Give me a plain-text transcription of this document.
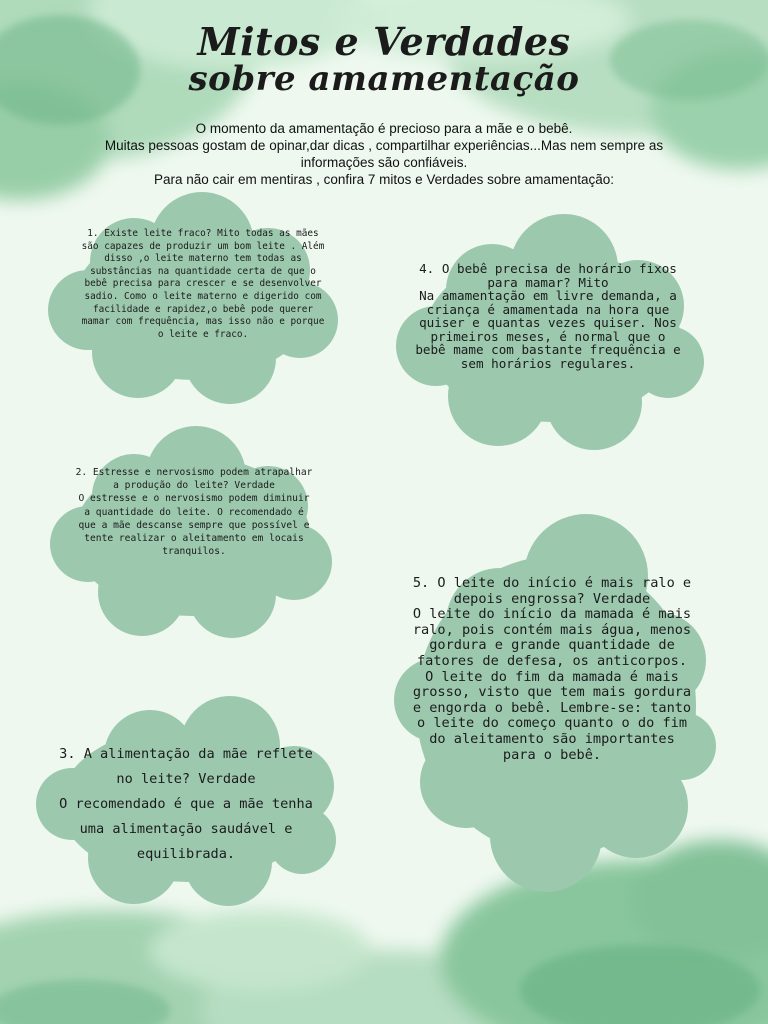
Mitos e Verdades
sobre amamentação

O momento da amamentação é precioso para a mãe e o bebê.

Muitas pessoas gostam de opinar,dar dicas , compartilhar experiências...Mas nem sempre as informações são confiáveis.

Para não cair em mentiras , confira 7 mitos e Verdades sobre amamentação:

1. Existe leite fraco? Mito todas as mães são capazes de produzir um bom leite . Além disso ,o leite materno tem todas as substâncias na quantidade certa de que o bebê precisa para crescer e se desenvolver sadio. Como o leite materno e digerido com facilidade e rapidez,o bebê pode querer mamar com frequência, mas isso não e porque o leite e fraco.

2. Estresse e nervosismo podem atrapalhar a produção do leite? Verdade
O estresse e o nervosismo podem diminuir a quantidade do leite. O recomendado é que a mãe descanse sempre que possível e tente realizar o aleitamento em locais tranquilos.

3. A alimentação da mãe reflete no leite? Verdade
O recomendado é que a mãe tenha uma alimentação saudável e equilibrada.

4. O bebê precisa de horário fixos para mamar? Mito
Na amamentação em livre demanda, a criança é amamentada na hora que quiser e quantas vezes quiser. Nos primeiros meses, é normal que o bebê mame com bastante frequência e sem horários regulares.

5. O leite do início é mais ralo e depois engrossa? Verdade
O leite do início da mamada é mais ralo, pois contém mais água, menos gordura e grande quantidade de fatores de defesa, os anticorpos. O leite do fim da mamada é mais grosso, visto que tem mais gordura e engorda o bebê. Lembre-se: tanto o leite do começo quanto o do fim do aleitamento são importantes para o bebê.
